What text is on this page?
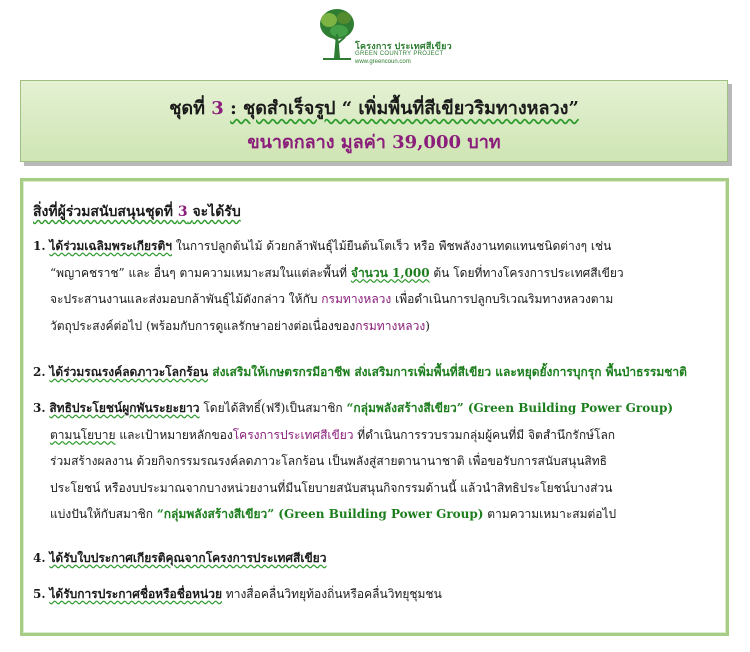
โครงการ ประเทศสีเขียว
GREEN COUNTRY PROJECT
www.greencoun.com
ชุดที่ 3 : ชุดสำเร็จรูป “ เพิ่มพื้นที่สีเขียวริมทางหลวง”
ขนาดกลาง มูลค่า 39,000 บาท
สิ่งที่ผู้ร่วมสนับสนุนชุดที่ 3 จะได้รับ
1. ได้ร่วมเฉลิมพระเกียรติฯ ในการปลูกต้นไม้ ด้วยกล้าพันธุ์ไม้ยืนต้นโตเร็ว หรือ พืชพลังงานทดแทนชนิดต่างๆ เช่น
“พญาคชราช” และ อื่นๆ ตามความเหมาะสมในแต่ละพื้นที่ จำนวน 1,000 ต้น โดยที่ทางโครงการประเทศสีเขียว
จะประสานงานและส่งมอบกล้าพันธุ์ไม้ดังกล่าว ให้กับ กรมทางหลวง เพื่อดำเนินการปลูกบริเวณริมทางหลวงตาม
วัตถุประสงค์ต่อไป (พร้อมกับการดูแลรักษาอย่างต่อเนื่องของกรมทางหลวง)
2. ได้ร่วมรณรงค์ลดภาวะโลกร้อน ส่งเสริมให้เกษตรกรมีอาชีพ ส่งเสริมการเพิ่มพื้นที่สีเขียว และหยุดยั้งการบุกรุก พื้นป่าธรรมชาติ
3. สิทธิประโยชน์ผูกพันระยะยาว โดยได้สิทธิ์(ฟรี)เป็นสมาชิก “กลุ่มพลังสร้างสีเขียว” (Green Building Power Group)
ตามนโยบาย และเป้าหมายหลักของโครงการประเทศสีเขียว ที่ดำเนินการรวบรวมกลุ่มผู้คนที่มี จิตสำนึกรักษ์โลก
ร่วมสร้างผลงาน ด้วยกิจกรรมรณรงค์ลดภาวะโลกร้อน เป็นพลังสู่สายตานานาชาติ เพื่อขอรับการสนับสนุนสิทธิ
ประโยชน์ หรืองบประมาณจากบางหน่วยงานที่มีนโยบายสนับสนุนกิจกรรมด้านนี้ แล้วนำสิทธิประโยชน์บางส่วน
แบ่งปันให้กับสมาชิก “กลุ่มพลังสร้างสีเขียว” (Green Building Power Group) ตามความเหมาะสมต่อไป
4. ได้รับใบประกาศเกียรติคุณจากโครงการประเทศสีเขียว
5. ได้รับการประกาศชื่อหรือชื่อหน่วย ทางสื่อคลื่นวิทยุท้องถิ่นหรือคลื่นวิทยุชุมชน
